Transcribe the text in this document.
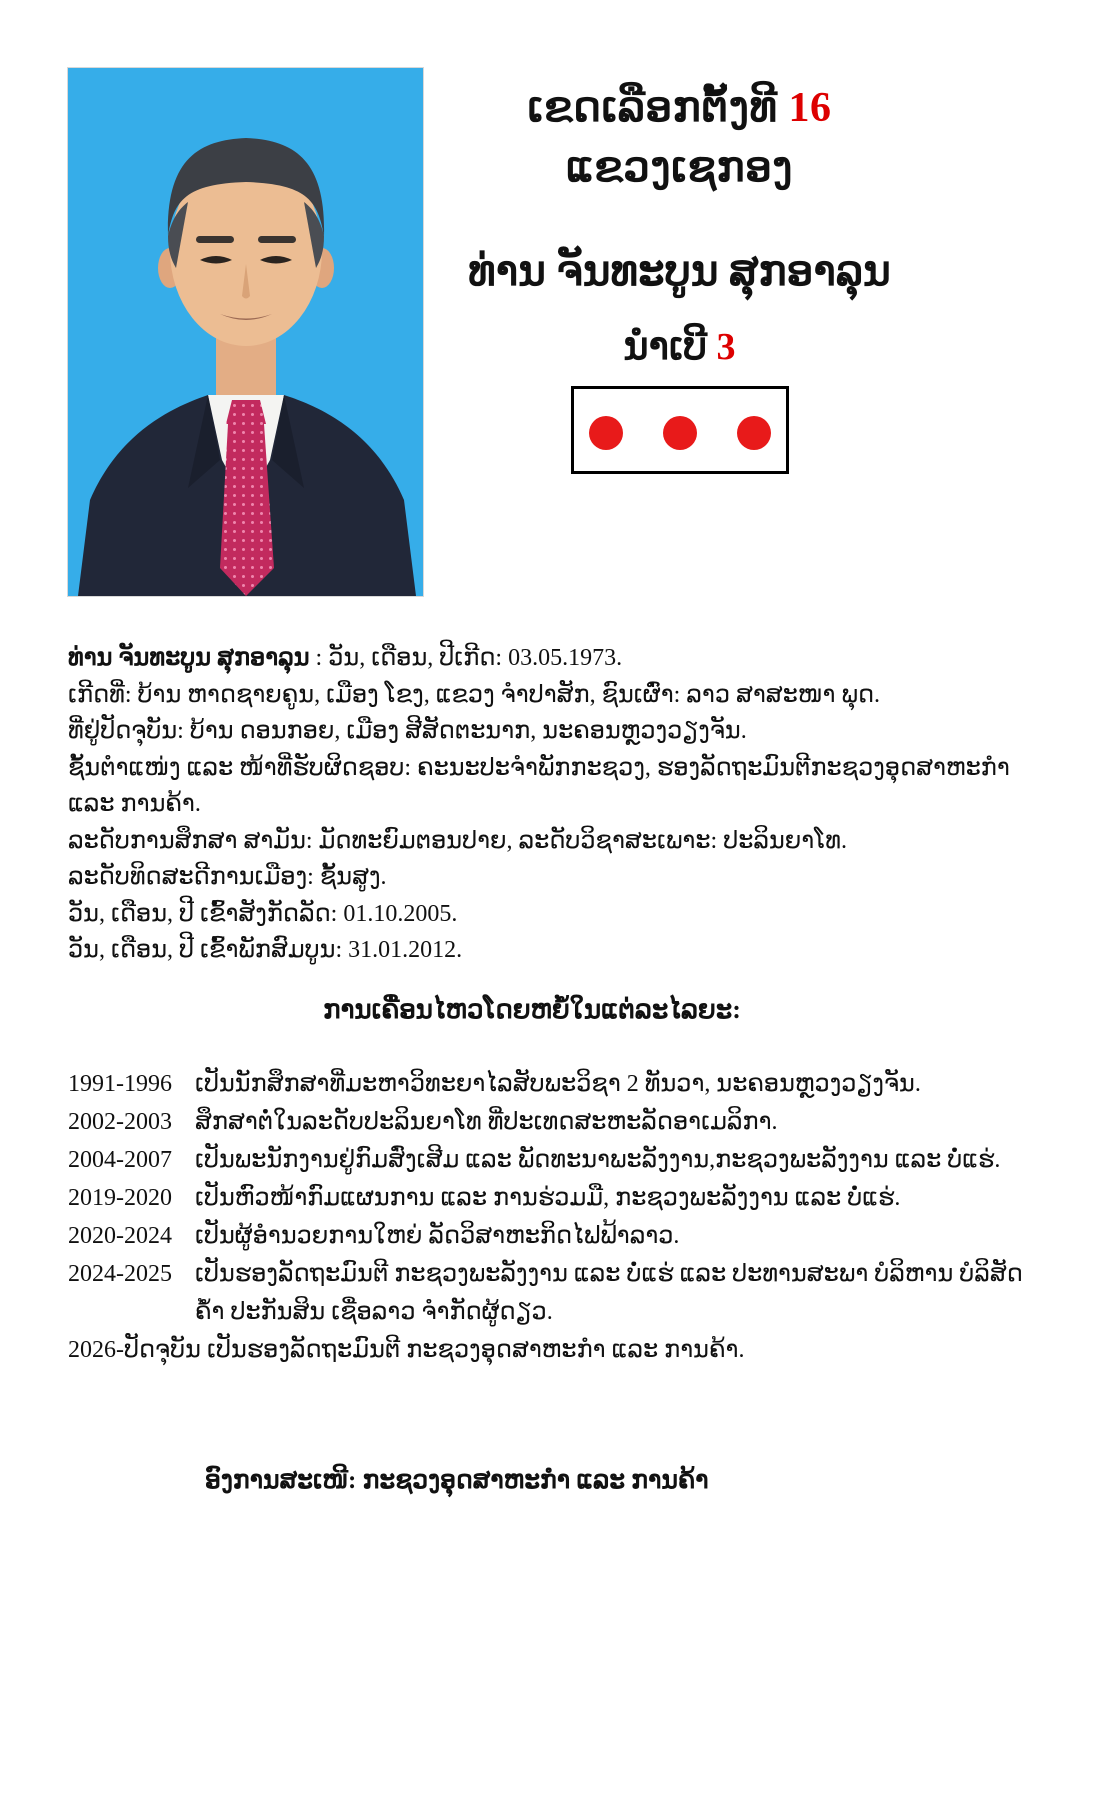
ເຂດເລືອກຕັ້ງທີ 16
ແຂວງເຊກອງ
ທ່ານ ຈັນທະບູນ ສຸກອາລຸນ
ນຳເບີ 3

ທ່ານ ຈັນທະບູນ ສຸກອາລຸນ : ວັນ, ເດືອນ, ປີເກີດ: 03.05.1973.

ເກີດທີ່: ບ້ານ ຫາດຊາຍຄູນ, ເມືອງ ໂຂງ, ແຂວງ ຈຳປາສັກ, ຊົນເຜົ່າ: ລາວ ສາສະໜາ ພຸດ.

ທີ່ຢູ່ປັດຈຸບັນ: ບ້ານ ດອນກອຍ, ເມືອງ ສີສັດຕະນາກ, ນະຄອນຫຼວງວຽງຈັນ.

ຊັ້ນຕຳແໜ່ງ ແລະ ໜ້າທີ່ຮັບຜິດຊອບ: ຄະນະປະຈຳພັກກະຊວງ, ຮອງລັດຖະມົນຕີກະຊວງອຸດສາຫະກຳ ແລະ ການຄ້າ.

ລະດັບການສຶກສາ ສາມັນ: ມັດທະຍົມຕອນປາຍ, ລະດັບວິຊາສະເພາະ: ປະລິນຍາໂທ.

ລະດັບທິດສະດີການເມືອງ: ຊັ້ນສູງ.

ວັນ, ເດືອນ, ປີ ເຂົ້າສັງກັດລັດ: 01.10.2005.

ວັນ, ເດືອນ, ປີ ເຂົ້າພັກສົມບູນ: 31.01.2012.

ການເຄື່ອນໄຫວໂດຍຫຍໍ້ໃນແຕ່ລະໄລຍະ:
1991-1996 ເປັນນັກສຶກສາທີ່ມະຫາວິທະຍາໄລສັບພະວິຊາ 2 ທັນວາ, ນະຄອນຫຼວງວຽງຈັນ.
2002-2003 ສຶກສາຕໍ່ໃນລະດັບປະລິນຍາໂທ ທີ່ປະເທດສະຫະລັດອາເມລິກາ.
2004-2007 ເປັນພະນັກງານຢູ່ກົມສົ່ງເສີມ ແລະ ພັດທະນາພະລັງງານ,ກະຊວງພະລັງງານ ແລະ ບໍ່ແຮ່.
2019-2020 ເປັນຫົວໜ້າກົມແຜນການ ແລະ ການຮ່ວມມື, ກະຊວງພະລັງງານ ແລະ ບໍ່ແຮ່.
2020-2024 ເປັນຜູ້ອຳນວຍການໃຫຍ່ ລັດວິສາຫະກິດໄຟຟ້າລາວ.
2024-2025 ເປັນຮອງລັດຖະມົນຕີ ກະຊວງພະລັງງານ ແລະ ບໍ່ແຮ່ ແລະ ປະທານສະພາ ບໍລິຫານ ບໍລິສັດຄ້ຳ ປະກັນສິນ ເຊື່ອລາວ ຈຳກັດຜູ້ດຽວ.

2026-ປັດຈຸບັນ ເປັນຮອງລັດຖະມົນຕີ ກະຊວງອຸດສາຫະກຳ ແລະ ການຄ້າ.

ອົງການສະເໜີ: ກະຊວງອຸດສາຫະກຳ ແລະ ການຄ້າ
